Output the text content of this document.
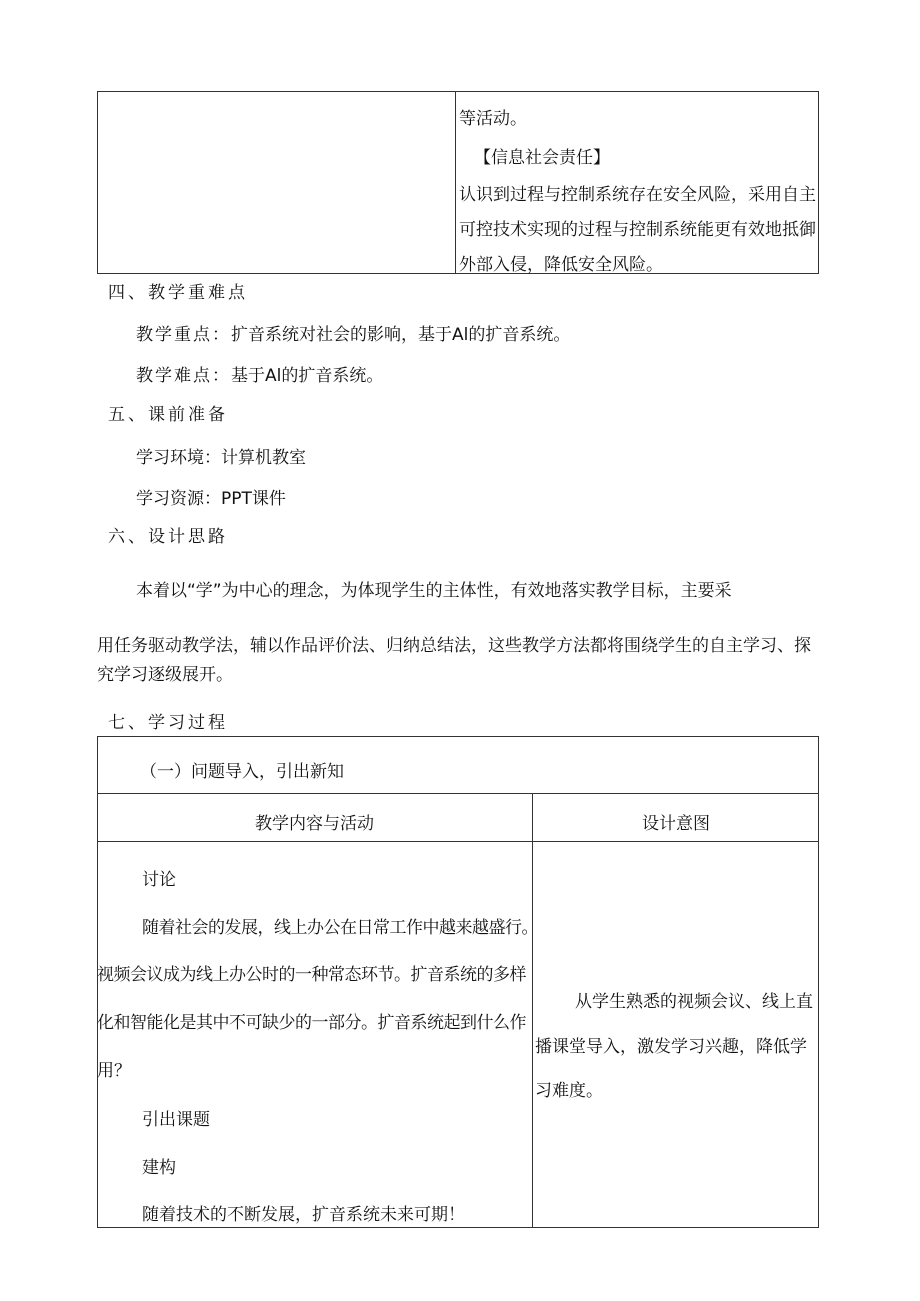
等活动。
【信息社会责任】
认识到过程与控制系统存在安全风险，采用自主
可控技术实现的过程与控制系统能更有效地抵御
外部入侵，降低安全风险。
四、教学重难点
教学重点：扩音系统对社会的影响，基于Al的扩音系统。
教学难点：基于Al的扩音系统。
五、课前准备
学习环境：计算机教室
学习资源：PPT课件
六、设计思路
本着以“学”为中心的理念，为体现学生的主体性，有效地落实教学目标，主要采
用任务驱动教学法，辅以作品评价法、归纳总结法，这些教学方法都将围绕学生的自主学习、探
究学习逐级展开。
七、学习过程
（一）问题导入，引出新知
教学内容与活动	设计意图
讨论
随着社会的发展，线上办公在日常工作中越来越盛行。
视频会议成为线上办公时的一种常态环节。扩音系统的多样
化和智能化是其中不可缺少的一部分。扩音系统起到什么作
用？
引出课题
建构
随着技术的不断发展，扩音系统未来可期！
从学生熟悉的视频会议、线上直
播课堂导入，激发学习兴趣，降低学
习难度。
